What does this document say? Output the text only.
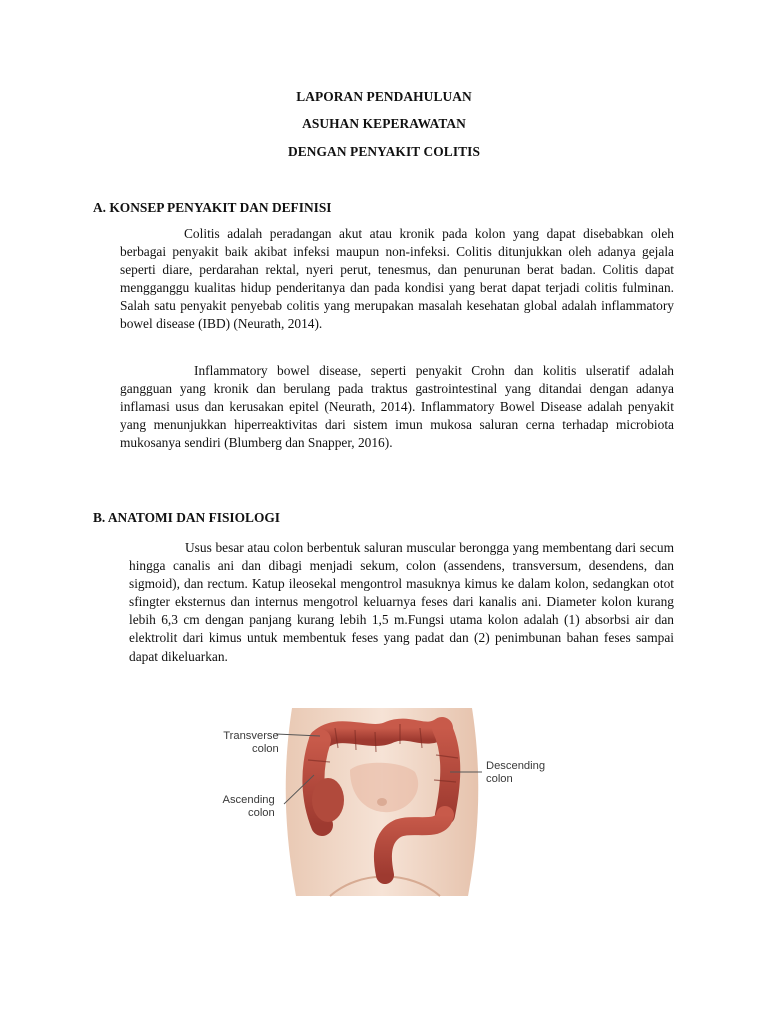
LAPORAN PENDAHULUAN
ASUHAN KEPERAWATAN
DENGAN PENYAKIT COLITIS
A. KONSEP PENYAKIT DAN DEFINISI

Colitis adalah peradangan akut atau kronik pada kolon yang dapat disebabkan oleh berbagai penyakit baik akibat infeksi maupun non-infeksi. Colitis ditunjukkan oleh adanya gejala seperti diare, perdarahan rektal, nyeri perut, tenesmus, dan penurunan berat badan. Colitis dapat mengganggu kualitas hidup penderitanya dan pada kondisi yang berat dapat terjadi colitis fulminan. Salah satu penyakit penyebab colitis yang merupakan masalah kesehatan global adalah inflammatory bowel disease (IBD) (Neurath, 2014).

Inflammatory bowel disease, seperti penyakit Crohn dan kolitis ulseratif adalah gangguan yang kronik dan berulang pada traktus gastrointestinal yang ditandai dengan adanya inflamasi usus dan kerusakan epitel (Neurath, 2014). Inflammatory Bowel Disease adalah penyakit yang menunjukkan hiperreaktivitas dari sistem imun mukosa saluran cerna terhadap microbiota mukosanya sendiri (Blumberg dan Snapper, 2016).

B. ANATOMI DAN FISIOLOGI

Usus besar atau colon berbentuk saluran muscular berongga yang membentang dari secum hingga canalis ani dan dibagi menjadi sekum, colon (assendens, transversum, desendens, dan sigmoid), dan rectum. Katup ileosekal mengontrol masuknya kimus ke dalam kolon, sedangkan otot sfingter eksternus dan internus mengotrol keluarnya feses dari kanalis ani. Diameter kolon kurang lebih 6,3 cm dengan panjang kurang lebih 1,5 m.Fungsi utama kolon adalah (1) absorbsi air dan elektrolit dari kimus untuk membentuk feses yang padat dan (2) penimbunan bahan feses sampai dapat dikeluarkan.

Transverse
colon
Ascending
colon
Descending
colon
